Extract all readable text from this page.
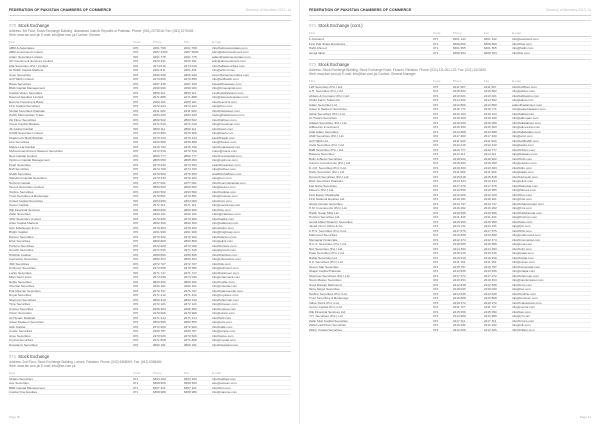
FEDERATION OF PAKISTAN CHAMBERS OF COMMERCE	Directory of Members 2013–14
070 Stock Exchange
Address: 3rd Floor, Stock Exchange Building, Islamabad, Islamic Republic of Pakistan. Phone: (051) 2275018; Fax: (051) 2275045
Web: www.ise.com.pk E-mail: info@ise.com.pk Contact: Director
Firm	Code	Phone	Fax	E-mail
ABM & Associates	070	2201 768	2201 768	info@abmassociates.com
ABM Investment Limited	070	2287 3300	2287 6000	abm@abminvestment.com
Adam Securities Limited	070	2201 775	2201 775	adam@adamsecurities.com
AH Investment Services Limited	070	2220 331	2220 331	ahis@ahinvestment.com
Alfa Securities (Pvt.) Limited	070	2274 010	2274 010	info@alfasecurities.com
Al-Habib Capital Markets	070	2201 811	2201 811	info@ahcml.com
Amer Securities	070	2206 940	2206 940	amer@amersecurities.com
Arif Habib Limited	070	2270 850	2270 850	info@arifhabib.com
Bawa Securities	070	2287 330	2287 330	bawa@bawasec.com
BMA Capital Management	070	2290 000	2290 000	info@bmacapital.com
Capital Vision Securities	070	2800 111	2800 111	cvs@capitalvision.com
Dawood Equities Limited	070	2271 888	2271 888	info@dawoodequities.com
Escorts Investment Bank	070	2260 101	2260 101	info@escorts.com
First Capital Securities	070	2272 224	2272 224	info@fcsc.com
Global Securities Pakistan	070	2211 900	2211 900	info@globalsec.com
Habib Metropolitan Trade	070	2263 220	2263 220	trade@habibmetro.com
IGI Finex Securities	070	2800 522	2800 522	info@igifinex.com
Invest Capital Markets	070	2271 010	2271 010	info@investcap.com
JS Global Capital	070	2800 111	2800 111	info@jsgcl.com
KASB Securities Limited	070	2276 900	2276 900	info@kasb.com
Khadim Ali Shah Bukhari	070	2270 244	2270 244	kasb@kasb.com
Live Securities	070	2206 888	2206 888	info@livesec.com
Maple Leaf Capital	070	2215 700	2215 700	info@mapleleaf.com
Muhammad Ahmed Nadeem Securities	070	2272 510	2272 510	mans@mans.com
Next Capital Limited	070	2800 777	2800 777	info@nextcapital.com
Optimus Capital Management	070	2805 050	2805 050	info@optimus.com
Pearl Securities	070	2273 333	2273 333	pearl@pearlsec.com
Rafi Securities	070	2274 700	2274 700	info@rafisec.com
Shaffi Securities	070	2276 500	2276 500	shaffi@shaffisec.com
Standard Capital Securities	070	2270 333	2270 333	info@scs.com
Summit Capital	070	2277 001	2277 001	info@summitcapital.com
Taurus Securities Limited	070	2800 600	2800 600	info@taurus.com
Topline Securities	070	2203 500	2203 500	info@topline.com
Trust Securities & Brokerage	070	2270 801	2270 801	info@trustsec.com
United Capital Securities	070	2204 060	2204 060	info@ucs.com
Vector Capital	070	2271 111	2271 111	info@vectorcap.com
WE Financial Services	070	2800 900	2800 900	info@we.com
Zafar Securities	070	2200 101	2200 101	zafar@zafarsec.com
AKD Securities Limited	070	2270 900	2270 900	info@akdsl.com
Atlas Capital Markets	070	2800 300	2800 300	info@atlascap.com
Aziz Fidahusein & Co.	070	2270 303	2270 303	afco@afco.com
Bright Capital	070	2201 999	2201 999	info@brightcap.com
Darson Securities	070	2270 202	2270 202	info@darson.com
Elixir Securities	070	2800 800	2800 800	info@elixir.com
Fortune Securities	070	2272 020	2272 020	info@fortune.com
Growth Securities	070	2271 515	2271 515	info@growth.com
Highlink Capital	070	2206 606	2206 606	info@highlink.com
Interactive Securities	070	2800 404	2800 404	info@interactive.com
JSK Securities	070	2272 727	2272 727	info@jsk.com
Kohinoor Securities	070	2270 505	2270 505	info@kohinoor.com
Lucky Securities	070	2271 717	2271 717	info@luckysec.com
Mian Nazir Sons	070	2273 030	2273 030	info@miannazir.com
Noble Securities	070	2800 252	2800 252	info@noble.com
Oriental Securities	070	2206 161	2206 161	info@oriental.com
Pak Meezan Securities	070	2270 707	2270 707	info@pakmeezan.com
Royal Securities	070	2271 212	2271 212	info@royalsec.com
Sherman Securities	070	2800 343	2800 343	info@sherman.com
Time Securities	070	2272 121	2272 121	info@timesec.com
Unique Securities	070	2206 363	2206 363	info@unique.com
Vision Securities	070	2270 909	2270 909	info@vision.com
Ali Husain Rajabali	070	2271 414	2271 414	info@ahr.com
Adeel Nadeem Securities	070	2800 565	2800 565	info@ans.com
Akik Capital	070	2272 929	2272 929	info@akik.com
Ample Securities	070	2206 787	2206 787	info@ample.com
Azee Securities	070	2270 626	2270 626	info@azee.com
Crystal Securities	070	2271 828	2271 828	info@crystal.com
Dosslani's Securities	070	2800 191	2800 191	info@dosslani.com
071 Stock Exchange
Address: 2nd Floor, Stock Exchange Building, Lahore, Pakistan. Phone: (042) 6368000; Fax: (042) 6368484
Web: www.lse.com.pk E-mail: info@lse.com.pk
Firm	Code	Phone	Fax	E-mail
Abbasi Securities	071	6304 100	6304 100	info@abbasi.com
Ace Securities	071	6368 500	6368 500	ace@acesec.com
BRR Capital Management	071	6307 321	6307 321	info@brr.com
Capital One Equities	071	6368 989	6368 989	info@capone.com
Page 60
FEDERATION OF PAKISTAN CHAMBERS OF COMMERCE	Directory of Members 2013–14
071 Stock Exchange (cont.)
Firm	Code	Phone	Fax	E-mail
F Autoland	071	6301 142	6301 142	info@autoland.com
First Pak Share Registrars	071	6368 800	6368 800	info@fpsr.com
Hafiz Ahmed	071	6301 555	6301 555	info@hafiz.com
Ismail Iqbal	071	6368 404	6368 404	info@iis.com
072 Stock Exchange
Address: Stock Exchange Building, Stock Exchange Road, Karachi, Pakistan. Phone: (021) 111-001-122; Fax: (021) 2410825
Web: www.kse.com.pk E-mail: info@kse.com.pk Contact: General Manager
Firm	Code	Phone	Fax	E-mail
128 Securities (Pvt.) Ltd.	072	2411 567	2411 567	info@128sec.com
A.H. Securities (Pvt.) Ltd.	072	2415 602	2415 602	info@ahsec.com
Abbasi & Company (Pvt.) Ltd.	072	2413 021	2413 021	info@abbasico.com
Abdul Karim Sultan Ali	072	2414 502	2414 502	info@aksa.com
Adam Securities Ltd.	072	2412 800	2412 800	adam@adamsec.com
Adeel & Nadeem Securities	072	2416 771	2416 771	info@adeelnadeem.com
Akhai Securities (Pvt.) Ltd.	072	2410 123	2410 123	info@akhai.com
Al Hoqani Securities	072	2418 200	2418 200	info@alhoqani.com
Alfalah Securities (Pvt.) Ltd.	072	2419 050	2419 050	info@alfalahsec.com
AlMeezan Investment	072	2415 300	2415 300	info@almeezan.com
Altaf Adam Securities	072	2413 888	2413 888	info@altafadam.com
AMZ Securities (Pvt.) Ltd.	072	2417 400	2417 400	info@amz.com
Arif Habib Ltd.	072	2411 520	2411 520	info@arifhabib.com
Asda Securities (Pvt.) Ltd.	072	2412 210	2412 210	info@asda.com
B&B Securities (Pvt.) Ltd.	072	2410 777	2410 777	info@bbsec.com
Bawany Securities	072	2414 111	2414 111	info@bawany.com
Bulls & Bears Securities	072	2418 922	2418 922	info@bnb.com
Cassim Investments (Pvt.) Ltd.	072	2416 060	2416 060	info@cassim.com
D.J.M. Securities (Pvt.) Ltd.	072	2419 303	2419 303	info@djm.com
Dattu Securities (Pvt.) Ltd.	072	2411 909	2411 909	info@dattu.com
Durvesh Securities (Pvt.) Ltd.	072	2415 818	2415 818	info@durvesh.com
Elixir Securities Pakistan	072	2413 444	2413 444	info@elixir.com
Fair Edge Securities	072	2417 676	2417 676	info@fairedge.com
Fikree's (Pvt.) Ltd.	072	2410 555	2410 555	info@fikrees.com
First Equity Modaraba	072	2412 020	2412 020	info@fem.com
First National Equities Ltd.	072	2418 181	2418 181	info@fnel.com
Ghani Osman Securities	072	2414 747	2414 747	info@ghaniosman.com
H.M. Investments (Pvt.) Ltd.	072	2416 262	2416 262	info@hmi.com
Habib Sugar Mills Ltd.	072	2419 696	2419 696	info@habibsugar.com
Horizon Securities Ltd.	072	2411 343	2411 343	info@horizon.com
Ismail Abdul Shakoor Securities	072	2415 959	2415 959	info@iass.com
Javed Omer Vohra & Co.	072	2413 131	2413 131	info@jov.com
K.H.S. Securities (Pvt.) Ltd.	072	2417 575	2417 575	info@khs.com
Mahmood Securities	072	2410 868	2410 868	info@mahmood.com
Msmaniar Financials	072	2412 474	2412 474	info@msmaniar.com
N.U.A. Securities (Pvt.) Ltd.	072	2418 585	2418 585	info@nua.com
Nini Securities (Pvt.) Ltd.	072	2414 393	2414 393	info@nini.com
Patel Securities (Pvt.) Ltd.	072	2416 616	2416 616	info@patel.com
Rahat Securities Ltd.	072	2419 919	2419 919	info@rahat.com
S.Z. Securities (Pvt.) Ltd.	072	2411 151	2411 151	info@szsec.com
Seven Star Securities	072	2415 757	2415 757	info@sevenstar.com
Shajar Capital Pakistan	072	2413 636	2413 636	info@shajar.com
Sherman Securities (Pvt.) Ltd.	072	2417 272	2417 272	info@sherman.com
Stock Master Securities	072	2410 494	2410 494	info@stockmaster.com
Syed Rizwan Mahmood	072	2412 838	2412 838	info@srm.com
Tariq Saigol Securities	072	2418 040	2418 040	info@tss.com
Topline Securities (Pvt.) Ltd.	072	2414 646	2414 646	info@topline.com
Trust Securities & Brokerage	072	2416 868	2416 868	info@trustsec.com
Value Stock (Pvt.) Ltd.	072	2419 272	2419 272	info@valuestock.com
Vector Capital (Pvt.) Ltd.	072	2411 727	2411 727	info@vector.com
WE Financial Services Ltd.	072	2415 050	2415 050	info@we.com
Y.H. Securities (Pvt.) Ltd.	072	2413 989	2413 989	info@yh.com
Zafar Moti Capital Securities	072	2417 111	2417 111	info@zmcs.com
Zahid Latif Khan Securities	072	2410 232	2410 232	info@zlk.com
Zillion Capital Securities	072	2412 626	2412 626	info@zillion.com
Page 61
